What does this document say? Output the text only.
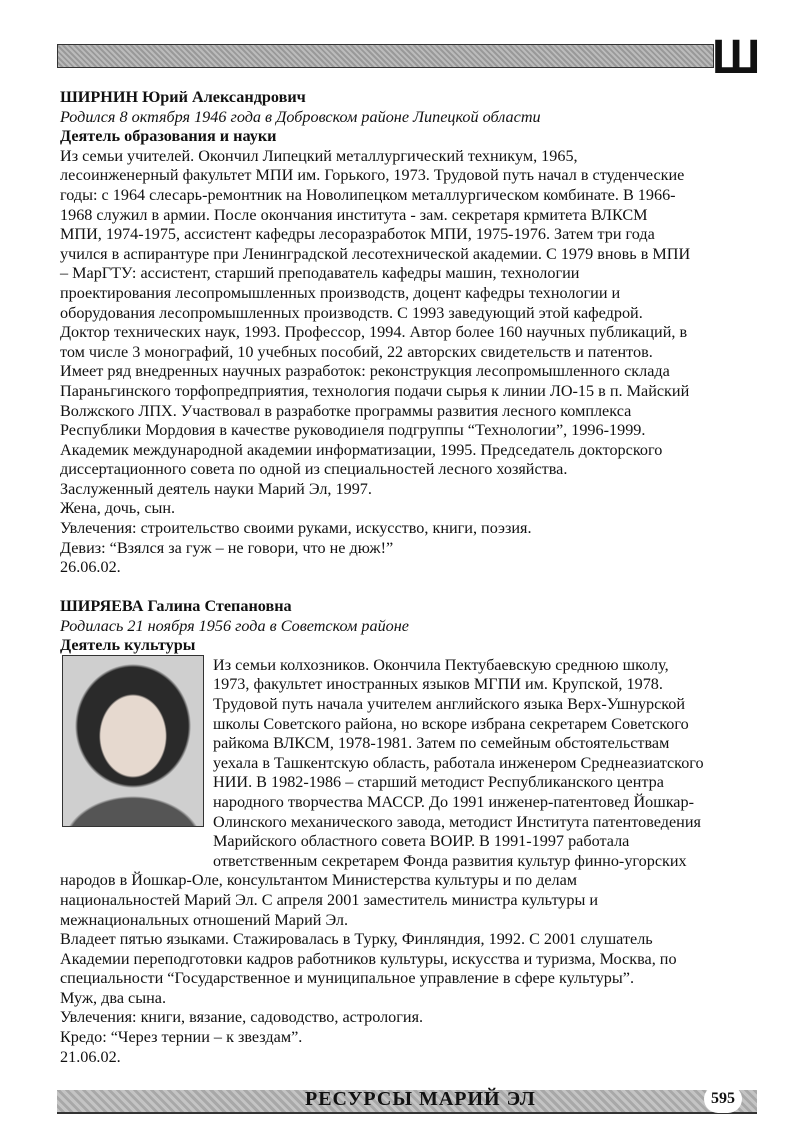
Ш
ШИРНИН Юрий Александрович
Родился 8 октября 1946 года в Добровском районе Липецкой области
Деятель образования и науки
Из семьи учителей. Окончил Липецкий металлургический техникум, 1965,
лесоинженерный факультет МПИ им. Горького, 1973. Трудовой путь начал в студенческие
годы: с 1964 слесарь-ремонтник на Новолипецком металлургическом комбинате. В 1966-
1968 служил в армии. После окончания института - зам. секретаря крмитета ВЛКСМ
МПИ, 1974-1975, ассистент кафедры лесоразработок МПИ, 1975-1976. Затем три года
учился в аспирантуре при Ленинградской лесотехнической академии. С 1979 вновь в МПИ
– МарГТУ: ассистент, старший преподаватель кафедры машин, технологии
проектирования лесопромышленных производств, доцент кафедры технологии и
оборудования лесопромышленных производств. С 1993 заведующий этой кафедрой.
Доктор технических наук, 1993. Профессор, 1994. Автор более 160 научных публикаций, в
том числе 3 монографий, 10 учебных пособий, 22 авторских свидетельств и патентов.
Имеет ряд внедренных научных разработок: реконструкция лесопромышленного склада
Параньгинского торфопредприятия, технология подачи сырья к линии ЛО-15 в п. Майский
Волжского ЛПХ. Участвовал в разработке программы развития лесного комплекса
Республики Мордовия в качестве руководиıеля подгруппы “Технологии”, 1996-1999.
Академик международной академии информатизации, 1995. Председатель докторского
диссертационного совета по одной из специальностей лесного хозяйства.
Заслуженный деятель науки Марий Эл, 1997.
Жена, дочь, сын.
Увлечения: строительство своими руками, искусство, книги, поэзия.
Девиз: “Взялся за гуж – не говори, что не дюж!”
26.06.02.
ШИРЯЕВА Галина Степановна
Родилась 21 ноября 1956 года в Советском районе
Деятель культуры
Из семьи колхозников. Окончила Пектубаевскую среднюю школу,
1973, факультет иностранных языков МГПИ им. Крупской, 1978.
Трудовой путь начала учителем английского языка Верх-Ушнурской
школы Советского района, но вскоре избрана секретарем Советского
райкома ВЛКСМ, 1978-1981. Затем по семейным обстоятельствам
уехала в Ташкентскую область, работала инженером Среднеазиатского
НИИ. В 1982-1986 – старший методист Республиканского центра
народного творчества МАССР. До 1991 инженер-патентовед Йошкар-
Олинского механического завода, методист Института патентоведения
Марийского областного совета ВОИР. В 1991-1997 работала
ответственным секретарем Фонда развития культур финно-угорских
народов в Йошкар-Оле, консультантом Министерства культуры и по делам
национальностей Марий Эл. С апреля 2001 заместитель министра культуры и
межнациональных отношений Марий Эл.
Владеет пятью языками. Стажировалась в Турку, Финляндия, 1992. С 2001 слушатель
Академии переподготовки кадров работников культуры, искусства и туризма, Москва, по
специальности “Государственное и муниципальное управление в сфере культуры”.
Муж, два сына.
Увлечения: книги, вязание, садоводство, астрология.
Кредо: “Через тернии – к звездам”.
21.06.02.
РЕСУРСЫ МАРИЙ ЭЛ	595
